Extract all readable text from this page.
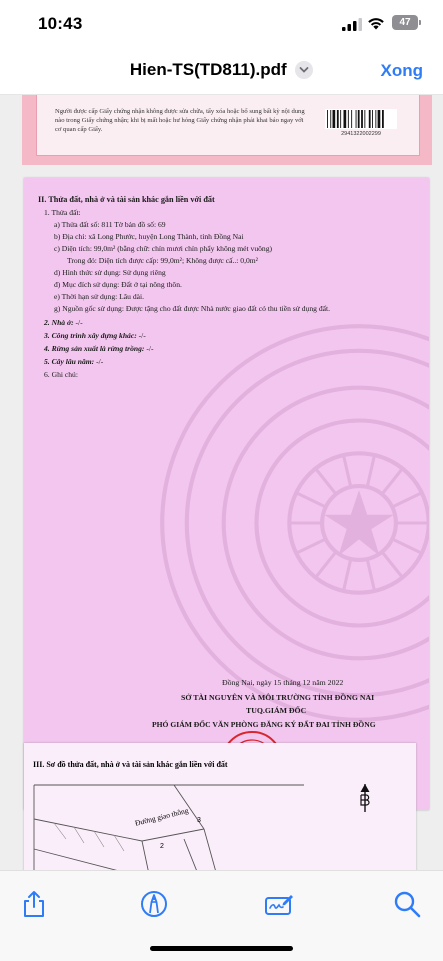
10:43	47
Hien-TS(TD811).pdf	Xong
Người được cấp Giấy chứng nhận không được sửa chữa, tẩy xóa hoặc bổ sung bất kỳ nội dung nào trong Giấy chứng nhận; khi bị mất hoặc hư hỏng Giấy chứng nhận phải khai báo ngay với cơ quan cấp Giấy.
2941322002299
II. Thửa đất, nhà ở và tài sản khác gắn liền với đất
1. Thửa đất:
a) Thửa đất số: 811 Tờ bản đồ số: 69
b) Địa chỉ: xã Long Phước, huyện Long Thành, tỉnh Đồng Nai
c) Diện tích: 99,0m² (bằng chữ: chín mươi chín phẩy không mét vuông)
Trong đó: Diện tích được cấp: 99,0m²; Không được cấ..: 0,0m²
d) Hình thức sử dụng: Sử dụng riêng
đ) Mục đích sử dụng: Đất ở tại nông thôn.
e) Thời hạn sử dụng: Lâu dài.
g) Nguồn gốc sử dụng: Được tặng cho đất được Nhà nước giao đất có thu tiền sử dụng đất.
2. Nhà ở: -/-
3. Công trình xây dựng khác: -/-
4. Rừng sản xuất là rừng trồng: -/-
5. Cây lâu năm: -/-
6. Ghi chú:
Đồng Nai, ngày 15 tháng 12 năm 2022
SỞ TÀI NGUYÊN VÀ MÔI TRƯỜNG TỈNH ĐỒNG NAI
TUQ.GIÁM ĐỐC
PHÓ GIÁM ĐỐC VĂN PHÒNG ĐĂNG KÝ ĐẤT ĐAI TỈNH ĐỒNG
III. Sơ đồ thửa đất, nhà ở và tài sản khác gắn liền với đất
Đường giao thông 3
2
